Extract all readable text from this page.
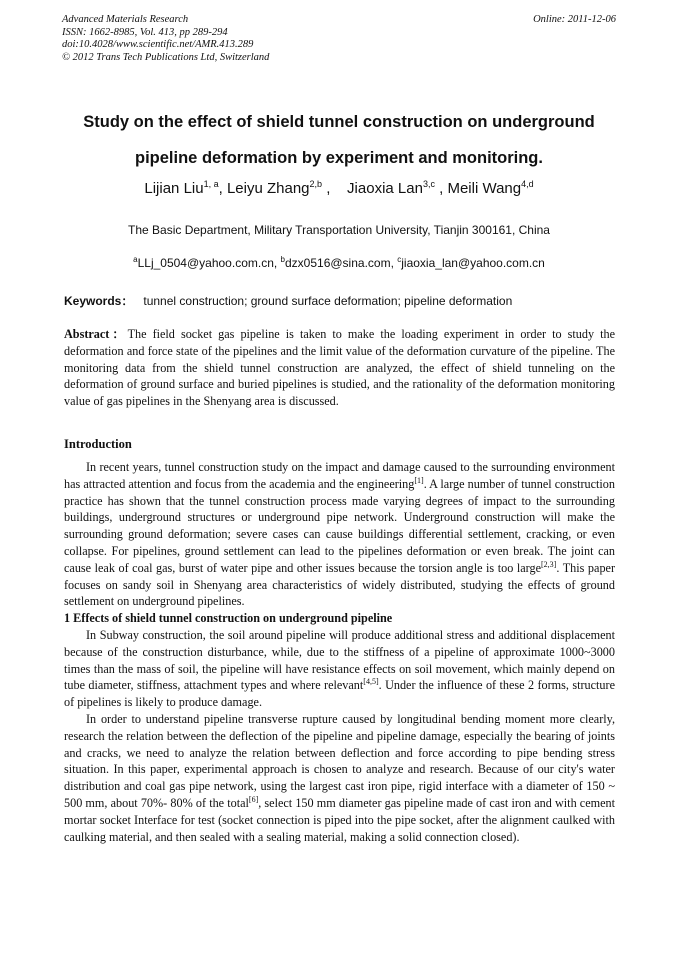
Advanced Materials Research
ISSN: 1662-8985, Vol. 413, pp 289-294
doi:10.4028/www.scientific.net/AMR.413.289
© 2012 Trans Tech Publications Ltd, Switzerland
Online: 2011-12-06
Study on the effect of shield tunnel construction on underground
pipeline deformation by experiment and monitoring.
Lijian Liu$^{1, a}$, Leiyu Zhang$^{2,b}$ ,    Jiaoxia Lan$^{3,c}$ , Meili Wang$^{4,d}$
The Basic Department, Military Transportation University, Tianjin 300161, China
$^a$LLj_0504@yahoo.com.cn, $^b$dzx0516@sina.com, $^c$jiaoxia_lan@yahoo.com.cn
Keywords： tunnel construction; ground surface deformation; pipeline deformation

Abstract：The field socket gas pipeline is taken to make the loading experiment in order to study the deformation and force state of the pipelines and the limit value of the deformation curvature of the pipeline. The monitoring data from the shield tunnel construction are analyzed, the effect of shield tunneling on the deformation of ground surface and buried pipelines is studied, and the rationality of the deformation monitoring value of gas pipelines in the Shenyang area is discussed.

Introduction

In recent years, tunnel construction study on the impact and damage caused to the surrounding environment has attracted attention and focus from the academia and the engineering[1]. A large number of tunnel construction practice has shown that the tunnel construction process made varying degrees of impact to the surrounding buildings, underground structures or underground pipe network. Underground construction will make the surrounding ground deformation; severe cases can cause buildings differential settlement, cracking, or even collapse. For pipelines, ground settlement can lead to the pipelines deformation or even break. The joint can cause leak of coal gas, burst of water pipe and other issues because the torsion angle is too large[2,3]. This paper focuses on sandy soil in Shenyang area characteristics of widely distributed, studying the effects of ground settlement on underground pipelines.

1 Effects of shield tunnel construction on underground pipeline

In Subway construction, the soil around pipeline will produce additional stress and additional displacement because of the construction disturbance, while, due to the stiffness of a pipeline of approximate 1000~3000 times than the mass of soil, the pipeline will have resistance effects on soil movement, which mainly depend on tube diameter, stiffness, attachment types and where relevant[4,5]. Under the influence of these 2 forms, structure of pipelines is likely to produce damage.

In order to understand pipeline transverse rupture caused by longitudinal bending moment more clearly, research the relation between the deflection of the pipeline and pipeline damage, especially the bearing of joints and cracks, we need to analyze the relation between deflection and force according to pipe bending stress situation. In this paper, experimental approach is chosen to analyze and research. Because of our city's water distribution and coal gas pipe network, using the largest cast iron pipe, rigid interface with a diameter of 150 ~ 500 mm, about 70%- 80% of the total[6], select 150 mm diameter gas pipeline made of cast iron and with cement mortar socket Interface for test (socket connection is piped into the pipe socket, after the alignment caulked with caulking material, and then sealed with a sealing material, making a solid connection closed).
